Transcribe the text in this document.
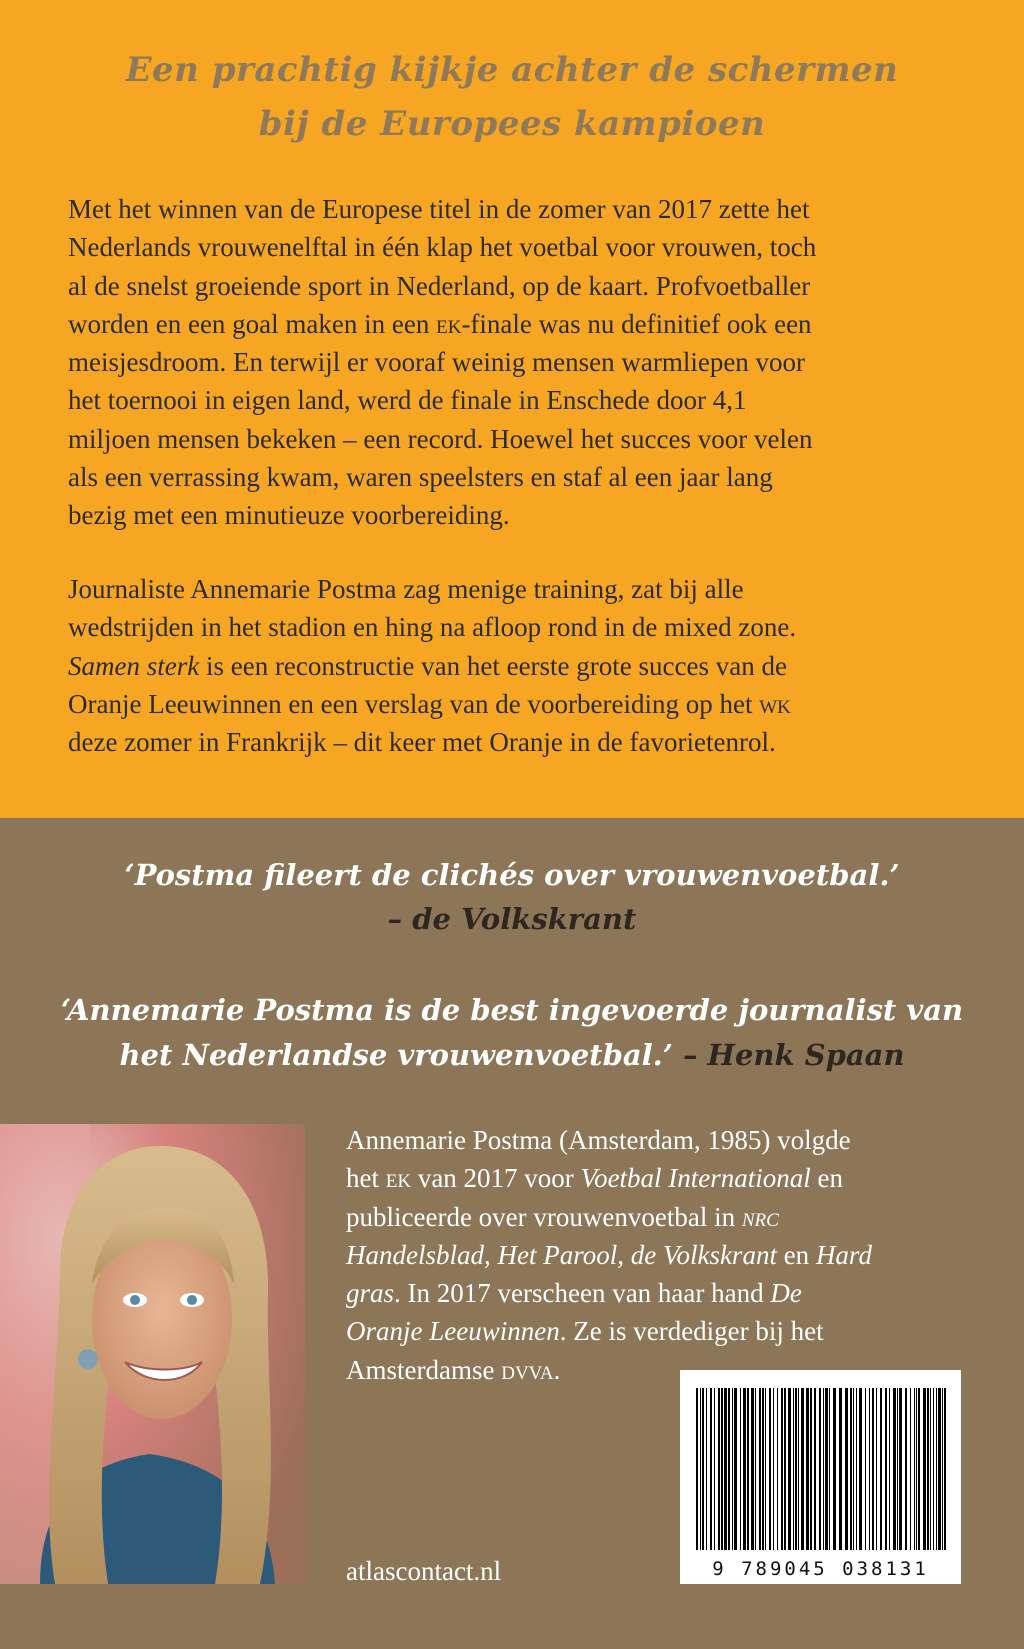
Een prachtig kijkje achter de schermen
bij de Europees kampioen

Met het winnen van de Europese titel in de zomer van 2017 zette het

Nederlands vrouwenelftal in één klap het voetbal voor vrouwen, toch

al de snelst groeiende sport in Nederland, op de kaart. Profvoetballer

worden en een goal maken in een ek-finale was nu definitief ook een

meisjesdroom. En terwijl er vooraf weinig mensen warmliepen voor

het toernooi in eigen land, werd de finale in Enschede door 4,1

miljoen mensen bekeken – een record. Hoewel het succes voor velen

als een verrassing kwam, waren speelsters en staf al een jaar lang

bezig met een minutieuze voorbereiding.

Journaliste Annemarie Postma zag menige training, zat bij alle

wedstrijden in het stadion en hing na afloop rond in de mixed zone.

Samen sterk is een reconstructie van het eerste grote succes van de

Oranje Leeuwinnen en een verslag van de voorbereiding op het wk

deze zomer in Frankrijk – dit keer met Oranje in de favorietenrol.

‘Postma fileert de clichés over vrouwenvoetbal.’
– de Volkskrant
‘Annemarie Postma is de best ingevoerde journalist van
het Nederlandse vrouwenvoetbal.’ – Henk Spaan

Annemarie Postma (Amsterdam, 1985) volgde

het ek van 2017 voor Voetbal International en

publiceerde over vrouwenvoetbal in nrc

Handelsblad, Het Parool, de Volkskrant en Hard

gras. In 2017 verscheen van haar hand De

Oranje Leeuwinnen. Ze is verdediger bij het

Amsterdamse dvva.

atlascontact.nl	9 789045 038131
